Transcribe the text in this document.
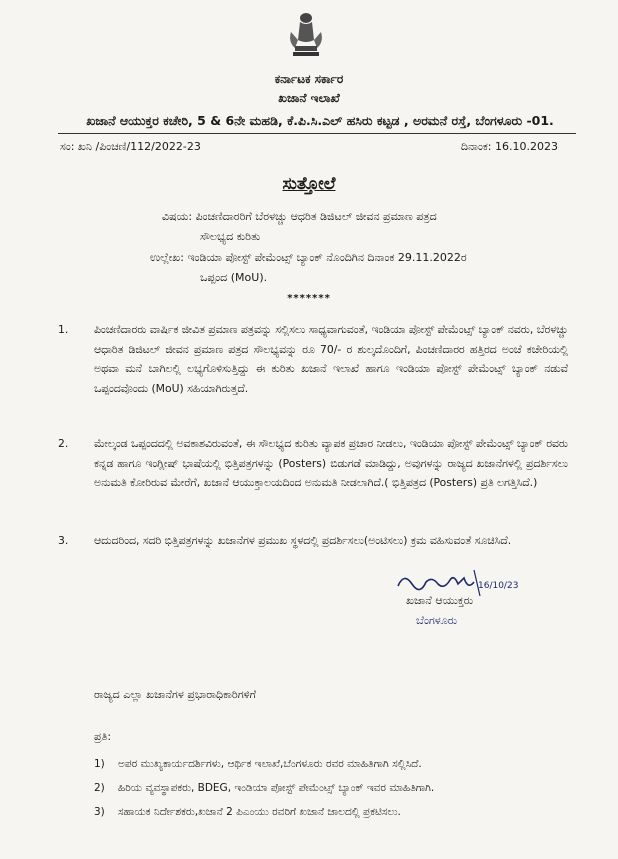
ಕರ್ನಾಟಕ ಸರ್ಕಾರ
ಖಜಾನೆ ಇಲಾಖೆ
ಖಜಾನೆ ಆಯುಕ್ತರ ಕಚೇರಿ, 5 & 6ನೇ ಮಹಡಿ, ಕೆ.ಪಿ.ಸಿ.ಎಲ್ ಹಸಿರು ಕಟ್ಟಡ , ಅರಮನೆ ರಸ್ತೆ, ಬೆಂಗಳೂರು -01.
ಸಂ: ಖನಿ /ಪಿಂಚಣಿ/112/2022-23	ದಿನಾಂಕ: 16.10.2023
ಸುತ್ತೋಲೆ
ವಿಷಯ: ಪಿಂಚಣಿದಾರರಿಗೆ ಬೆರಳಚ್ಚು ಆಧರಿತ ಡಿಜಿಟಲ್ ಜೀವನ ಪ್ರಮಾಣ ಪತ್ರದ
ಸೌಲಭ್ಯದ ಕುರಿತು
ಉಲ್ಲೇಖ: ಇಂಡಿಯಾ ಪೋಸ್ಟ್ ಪೇಮೆಂಟ್ಸ್ ಬ್ಯಾಂಕ್ ನೊಂದಿಗಿನ ದಿನಾಂಕ 29.11.2022ರ
ಒಪ್ಪಂದ (MoU).
*******
1. ಪಿಂಚಣಿದಾರರು ವಾರ್ಷಿಕ ಜೀವಿತ ಪ್ರಮಾಣ ಪತ್ರವನ್ನು ಸಲ್ಲಿಸಲು ಸಾಧ್ಯವಾಗುವಂತೆ, ಇಂಡಿಯಾ ಪೋಸ್ಟ್ ಪೇಮೆಂಟ್ಸ್ ಬ್ಯಾಂಕ್ ನವರು, ಬೆರಳಚ್ಚು ಆಧಾರಿತ ಡಿಜಿಟಲ್ ಜೀವನ ಪ್ರಮಾಣ ಪತ್ರದ ಸೌಲಭ್ಯವನ್ನು ರೂ 70/- ರ ಶುಲ್ಕದೊಂದಿಗೆ, ಪಿಂಚಣಿದಾರರ ಹತ್ತಿರದ ಅಂಚೆ ಕಚೇರಿಯಲ್ಲಿ ಅಥವಾ ಮನೆ ಬಾಗಿಲಲ್ಲಿ ಲಭ್ಯಗೊಳಿಸುತ್ತಿದ್ದು ಈ ಕುರಿತು ಖಜಾನೆ ಇಲಾಖೆ ಹಾಗೂ ಇಂಡಿಯಾ ಪೋಸ್ಟ್ ಪೇಮೆಂಟ್ಸ್ ಬ್ಯಾಂಕ್ ನಡುವೆ ಒಪ್ಪಂದವೊಂದು (MoU) ಸಹಿಯಾಗಿರುತ್ತದೆ.
2. ಮೇಲ್ಕಂಡ ಒಪ್ಪಂದದಲ್ಲಿ ಅವಕಾಶವಿರುವಂತೆ, ಈ ಸೌಲಭ್ಯದ ಕುರಿತು ವ್ಯಾಪಕ ಪ್ರಚಾರ ನೀಡಲು, ಇಂಡಿಯಾ ಪೋಸ್ಟ್ ಪೇಮೆಂಟ್ಸ್ ಬ್ಯಾಂಕ್ ರವರು ಕನ್ನಡ ಹಾಗೂ ಇಂಗ್ಲೀಷ್ ಭಾಷೆಯಲ್ಲಿ ಭಿತ್ತಿಪತ್ರಗಳನ್ನು (Posters) ಬಿಡುಗಡೆ ಮಾಡಿದ್ದು, ಅವುಗಳನ್ನು ರಾಜ್ಯದ ಖಜಾನೆಗಳಲ್ಲಿ ಪ್ರದರ್ಶಿಸಲು ಅನುಮತಿ ಕೋರಿರುವ ಮೇರೆಗೆ, ಖಜಾನೆ ಆಯುಕ್ತಾಲಯದಿಂದ ಅನುಮತಿ ನೀಡಲಾಗಿದೆ.( ಭಿತ್ತಿಪತ್ರದ (Posters) ಪ್ರತಿ ಲಗತ್ತಿಸಿದೆ.)
3. ಆದುದರಿಂದ, ಸದರಿ ಭಿತ್ತಿಪತ್ರಗಳನ್ನು ಖಜಾನೆಗಳ ಪ್ರಮುಖ ಸ್ಥಳದಲ್ಲಿ ಪ್ರದರ್ಶಿಸಲು(ಅಂಟಿಸಲು) ಕ್ರಮ ವಹಿಸುವಂತೆ ಸೂಚಿಸಿದೆ.
16/10/23
ಖಜಾನೆ ಆಯುಕ್ತರು
ಬೆಂಗಳೂರು
ರಾಜ್ಯದ ಎಲ್ಲಾ ಖಜಾನೆಗಳ ಪ್ರಭಾರಾಧಿಕಾರಿಗಳಿಗೆ
ಪ್ರತಿ:
1) ಅಪರ ಮುಖ್ಯಕಾರ್ಯದರ್ಶಿಗಳು, ಆರ್ಥಿಕ ಇಲಾಖೆ,ಬೆಂಗಳೂರು ರವರ ಮಾಹಿತಿಗಾಗಿ ಸಲ್ಲಿಸಿದೆ.
2) ಹಿರಿಯ ವ್ಯವಸ್ಥಾಪಕರು, BDEG, ಇಂಡಿಯಾ ಪೋಸ್ಟ್ ಪೇಮೆಂಟ್ಸ್ ಬ್ಯಾಂಕ್ ಇವರ ಮಾಹಿತಿಗಾಗಿ.
3) ಸಹಾಯಕ ನಿರ್ದೇಶಕರು,ಖಜಾನೆ 2 ಪಿಎಂಯು ರವರಿಗೆ ಖಜಾನೆ ಜಾಲದಲ್ಲಿ ಪ್ರಕಟಿಸಲು.
